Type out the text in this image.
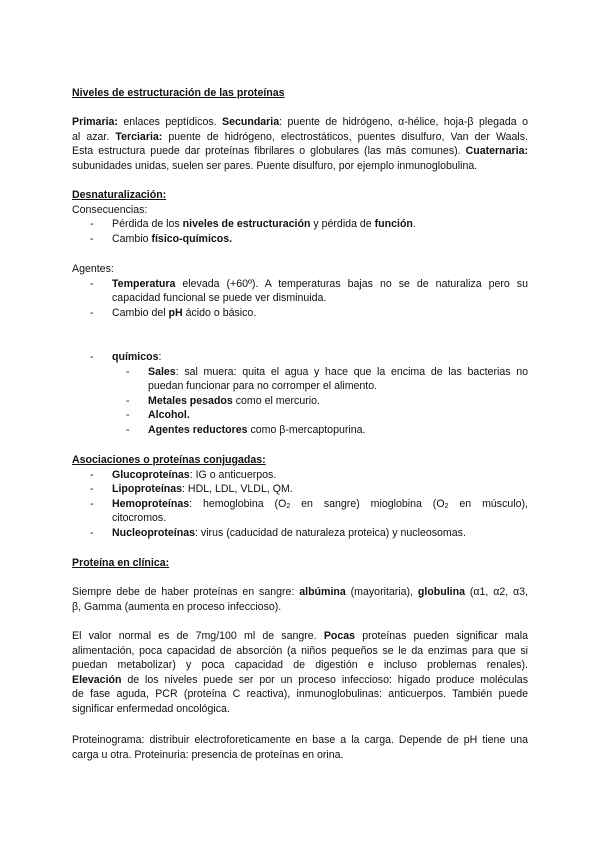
Niveles de estructuración de las proteínas
Primaria: enlaces peptídicos. Secundaria: puente de hidrógeno, α-hélice, hoja-β plegada o
al azar. Terciaria: puente de hidrógeno, electrostáticos, puentes disulfuro, Van der Waals.
Esta estructura puede dar proteínas fibrilares o globulares (las más comunes). Cuaternaria:
subunidades unidas, suelen ser pares. Puente disulfuro, por ejemplo inmunoglobulina.
Desnaturalización:
Consecuencias:
- Pérdida de los niveles de estructuración y pérdida de función.
- Cambio físico-químicos.
Agentes:
- Temperatura elevada (+60º). A temperaturas bajas no se de naturaliza pero su
capacidad funcional se puede ver disminuida.
- Cambio del pH ácido o básico.
- químicos:
- Sales: sal muera: quita el agua y hace que la encima de las bacterias no
puedan funcionar para no corromper el alimento.
- Metales pesados como el mercurio.
- Alcohol.
- Agentes reductores como β-mercaptopurina.
Asociaciones o proteínas conjugadas:
- Glucoproteínas: IG o anticuerpos.
- Lipoproteínas: HDL, LDL, VLDL, QM.
- Hemoproteínas: hemoglobina ($O_2$ en sangre) mioglobina ($O_2$ en músculo),
citocromos.
- Nucleoproteínas: virus (caducidad de naturaleza proteica) y nucleosomas.
Proteína en clínica:
Siempre debe de haber proteínas en sangre: albúmina (mayoritaria), globulina (α1, α2, α3,
β, Gamma (aumenta en proceso infeccioso).
El valor normal es de 7mg/100 ml de sangre. Pocas proteínas pueden significar mala
alimentación, poca capacidad de absorción (a niños pequeños se le da enzimas para que si
puedan metabolizar) y poca capacidad de digestión e incluso problemas renales).
Elevación de los niveles puede ser por un proceso infeccioso: hígado produce moléculas
de fase aguda, PCR (proteína C reactiva), inmunoglobulinas: anticuerpos. También puede
significar enfermedad oncológica.
Proteinograma: distribuir electroforeticamente en base a la carga. Depende de pH tiene una
carga u otra. Proteinuria: presencia de proteínas en orina.
